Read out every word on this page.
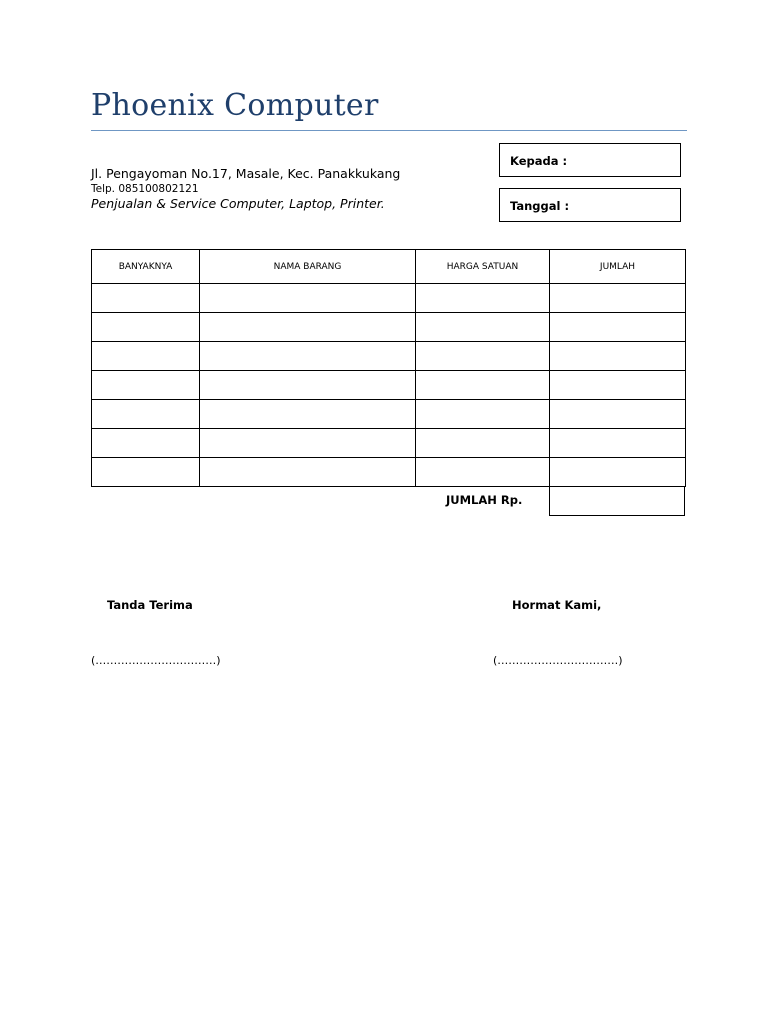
Phoenix Computer
Jl. Pengayoman No.17, Masale, Kec. Panakkukang
Telp. 085100802121
Penjualan & Service Computer, Laptop, Printer.
Kepada :
Tanggal :
BANYAKNYA	NAMA BARANG	HARGA SATUAN	JUMLAH

JUMLAH Rp.
Tanda Terima	Hormat Kami,
(……………………………)	(……………………………)
